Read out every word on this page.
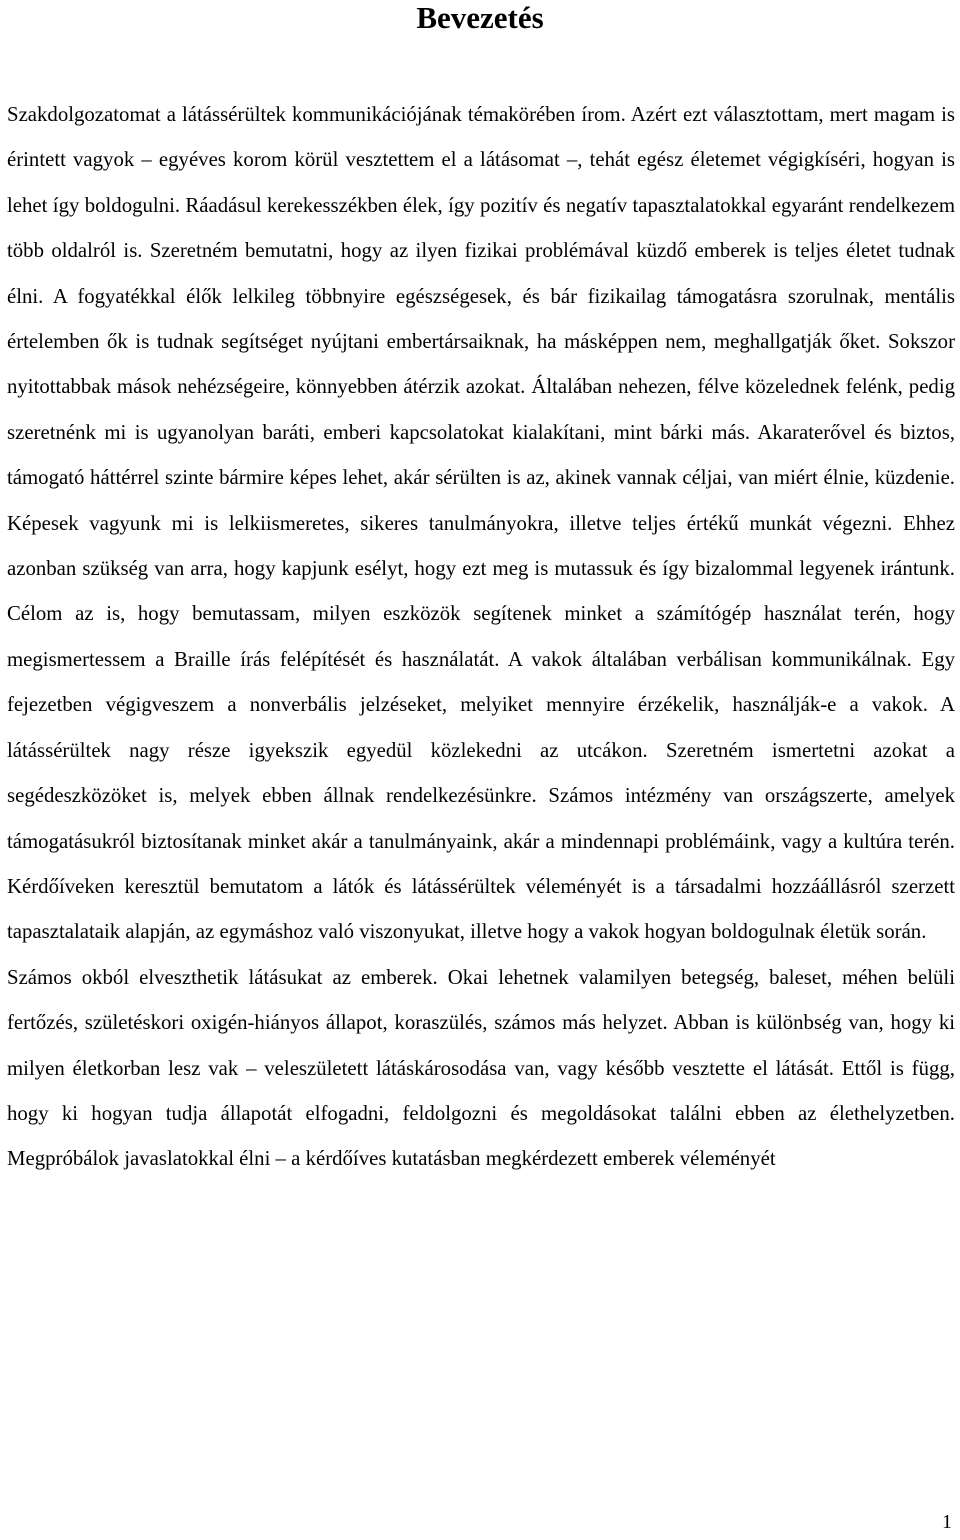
Bevezetés

Szakdolgozatomat a látássérültek kommunikációjának témakörében írom. Azért ezt választottam, mert magam is érintett vagyok – egyéves korom körül vesztettem el a látásomat –, tehát egész életemet végigkíséri, hogyan is lehet így boldogulni. Ráadásul kerekesszékben élek, így pozitív és negatív tapasztalatokkal egyaránt rendelkezem több oldalról is. Szeretném bemutatni, hogy az ilyen fizikai problémával küzdő emberek is teljes életet tudnak élni. A fogyatékkal élők lelkileg többnyire egészségesek, és bár fizikailag támogatásra szorulnak, mentális értelemben ők is tudnak segítséget nyújtani embertársaiknak, ha másképpen nem, meghallgatják őket. Sokszor nyitottabbak mások nehézségeire, könnyebben átérzik azokat. Általában nehezen, félve közelednek felénk, pedig szeretnénk mi is ugyanolyan baráti, emberi kapcsolatokat kialakítani, mint bárki más. Akaraterővel és biztos, támogató háttérrel szinte bármire képes lehet, akár sérülten is az, akinek vannak céljai, van miért élnie, küzdenie. Képesek vagyunk mi is lelkiismeretes, sikeres tanulmányokra, illetve teljes értékű munkát végezni. Ehhez azonban szükség van arra, hogy kapjunk esélyt, hogy ezt meg is mutassuk és így bizalommal legyenek irántunk. Célom az is, hogy bemutassam, milyen eszközök segítenek minket a számítógép használat terén, hogy megismertessem a Braille írás felépítését és használatát. A vakok általában verbálisan kommunikálnak. Egy fejezetben végigveszem a nonverbális jelzéseket, melyiket mennyire érzékelik, használják-e a vakok. A látássérültek nagy része igyekszik egyedül közlekedni az utcákon. Szeretném ismertetni azokat a segédeszközöket is, melyek ebben állnak rendelkezésünkre. Számos intézmény van országszerte, amelyek támogatásukról biztosítanak minket akár a tanulmányaink, akár a mindennapi problémáink, vagy a kultúra terén. Kérdőíveken keresztül bemutatom a látók és látássérültek véleményét is a társadalmi hozzáállásról szerzett tapasztalataik alapján, az egymáshoz való viszonyukat, illetve hogy a vakok hogyan boldogulnak életük során.

Számos okból elveszthetik látásukat az emberek. Okai lehetnek valamilyen betegség, baleset, méhen belüli fertőzés, születéskori oxigén-hiányos állapot, koraszülés, számos más helyzet. Abban is különbség van, hogy ki milyen életkorban lesz vak – veleszületett látáskárosodása van, vagy később vesztette el látását. Ettől is függ, hogy ki hogyan tudja állapotát elfogadni, feldolgozni és megoldásokat találni ebben az élethelyzetben. Megpróbálok javaslatokkal élni – a kérdőíves kutatásban megkérdezett emberek véleményét

1
